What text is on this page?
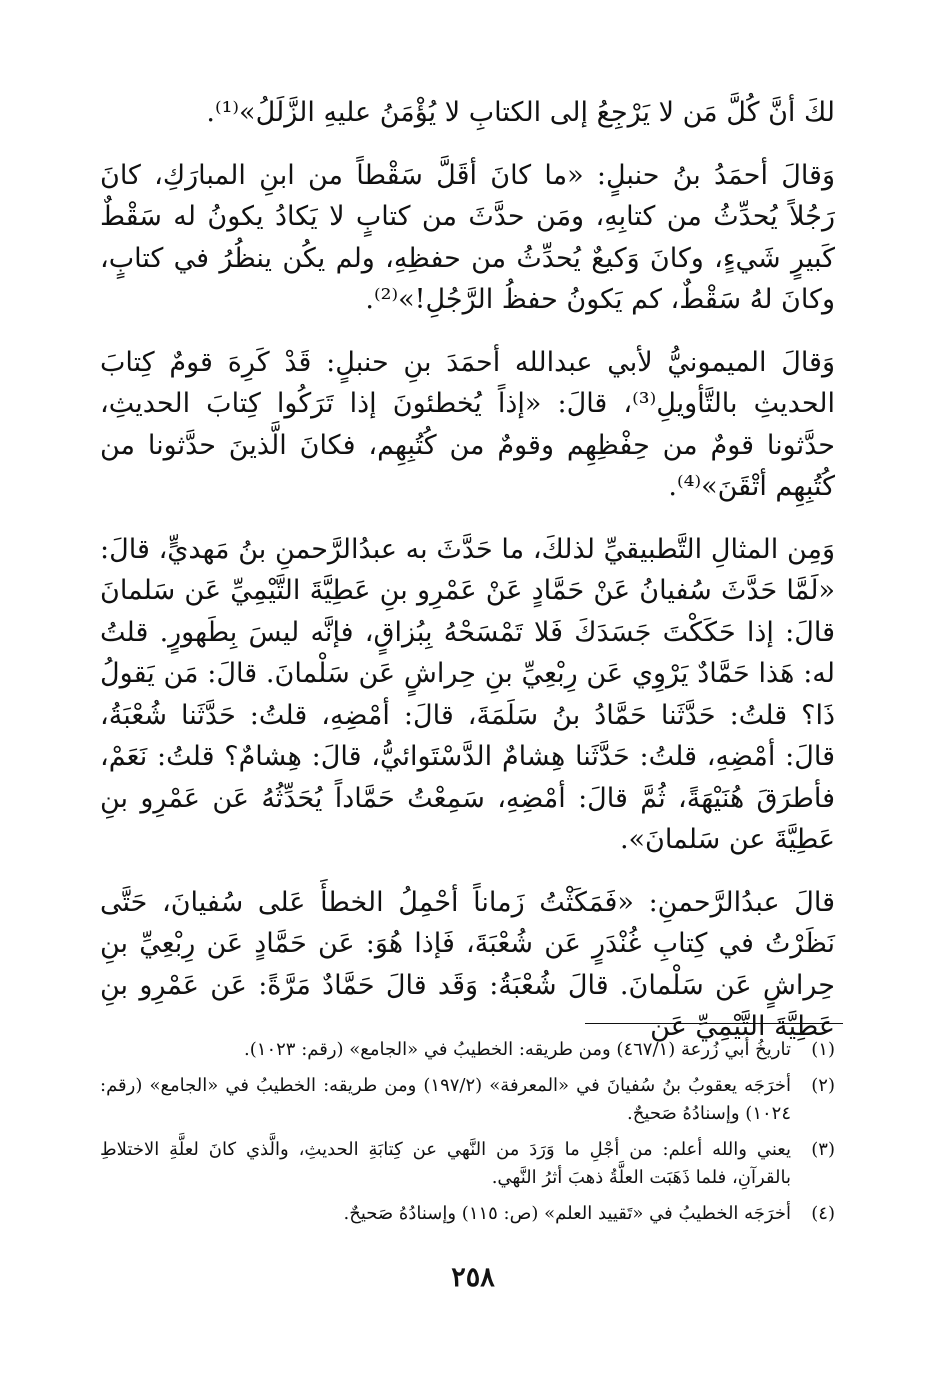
لكَ أنَّ كُلَّ مَن لا يَرْجِعُ إلى الكتابِ لا يُؤْمَنُ عليهِ الزَّلَلُ»⁽¹⁾.

وَقالَ أحمَدُ بنُ حنبلٍ: «ما كانَ أقَلَّ سَقْطاً من ابنِ المبارَكِ، كانَ رَجُلاً يُحدِّثُ من كتابِهِ، ومَن حدَّثَ من كتابٍ لا يَكادُ يكونُ له سَقْطٌ كَبيرٍ شَيءٍ، وكانَ وَكيعٌ يُحدِّثُ من حفظِهِ، ولم يكُن ينظُرُ في كتابٍ، وكانَ لهُ سَقْطٌ، كم يَكونُ حفظُ الرَّجُلِ!»⁽²⁾.

وَقالَ الميمونيُّ لأبي عبدالله أحمَدَ بنِ حنبلٍ: قَدْ كَرِهَ قومٌ كِتابَ الحديثِ بالتَّأويلِ⁽³⁾، قالَ: «إذاً يُخطئونَ إذا تَرَكُوا كِتابَ الحديثِ، حدَّثونا قومٌ من حِفْظِهِم وقومٌ من كُتُبِهِم، فكانَ الَّذينَ حدَّثونا من كُتُبِهِم أتْقَنَ»⁽⁴⁾.

وَمِن المثالِ التَّطبيقيِّ لذلكَ، ما حَدَّثَ به عبدُالرَّحمنِ بنُ مَهديٍّ، قالَ: «لَمَّا حَدَّثَ سُفيانُ عَنْ حَمَّادٍ عَنْ عَمْرِو بنِ عَطِيَّةَ التَّيْمِيِّ عَن سَلمانَ قالَ: إذا حَكَكْتَ جَسَدَكَ فَلا تَمْسَحْهُ بِبُزاقٍ، فإنَّه ليسَ بِطَهورٍ. قلتُ له: هَذا حَمَّادٌ يَرْوِي عَن رِبْعِيِّ بنِ حِراشٍ عَن سَلْمانَ. قالَ: مَن يَقولُ ذَا؟ قلتُ: حَدَّثَنا حَمَّادُ بنُ سَلَمَةَ، قالَ: أمْضِهِ، قلتُ: حَدَّثَنا شُعْبَةُ، قالَ: أمْضِهِ، قلتُ: حَدَّثَنا هِشامٌ الدَّسْتَوائيُّ، قالَ: هِشامٌ؟ قلتُ: نَعَمْ، فأطرَقَ هُنَيْهَةً، ثُمَّ قالَ: أمْضِهِ، سَمِعْتُ حَمَّاداً يُحَدِّثُهُ عَن عَمْرِو بنِ عَطِيَّةَ عن سَلمانَ».

قالَ عبدُالرَّحمنِ: «فَمَكَثْتُ زَماناً أحْمِلُ الخطأَ عَلى سُفيانَ، حَتَّى نَظَرْتُ في كِتابِ غُنْدَرٍ عَن شُعْبَةَ، فَإذا هُوَ: عَن حَمَّادٍ عَن رِبْعِيِّ بنِ حِراشٍ عَن سَلْمانَ. قالَ شُعْبَةُ: وَقَد قالَ حَمَّادٌ مَرَّةً: عَن عَمْرِو بنِ عَطِيَّةَ التَّيْمِيِّ عَن

(١)
تاريخُ أبي زُرعة (٤٦٧/١) ومن طريقه: الخطيبُ في «الجامع» (رقم: ١٠٢٣).
(٢)
أخرَجَه يعقوبُ بنُ سُفيانَ في «المعرفة» (١٩٧/٢) ومن طريقه: الخطيبُ في «الجامع» (رقم: ١٠٢٤) وإسنادُهُ صَحيحٌ.
(٣)
يعني والله أعلم: من أجْلِ ما وَرَدَ من النَّهي عن كِتابَةِ الحديثِ، والَّذي كانَ لعلَّةِ الاختلاطِ بالقرآنِ، فلما ذَهَبَت العلَّةُ ذهبَ أثرُ النَّهي.
(٤)
أخرَجَه الخطيبُ في «تَقييد العلم» (ص: ١١٥) وإسنادُهُ صَحيحٌ.
٢٥٨
